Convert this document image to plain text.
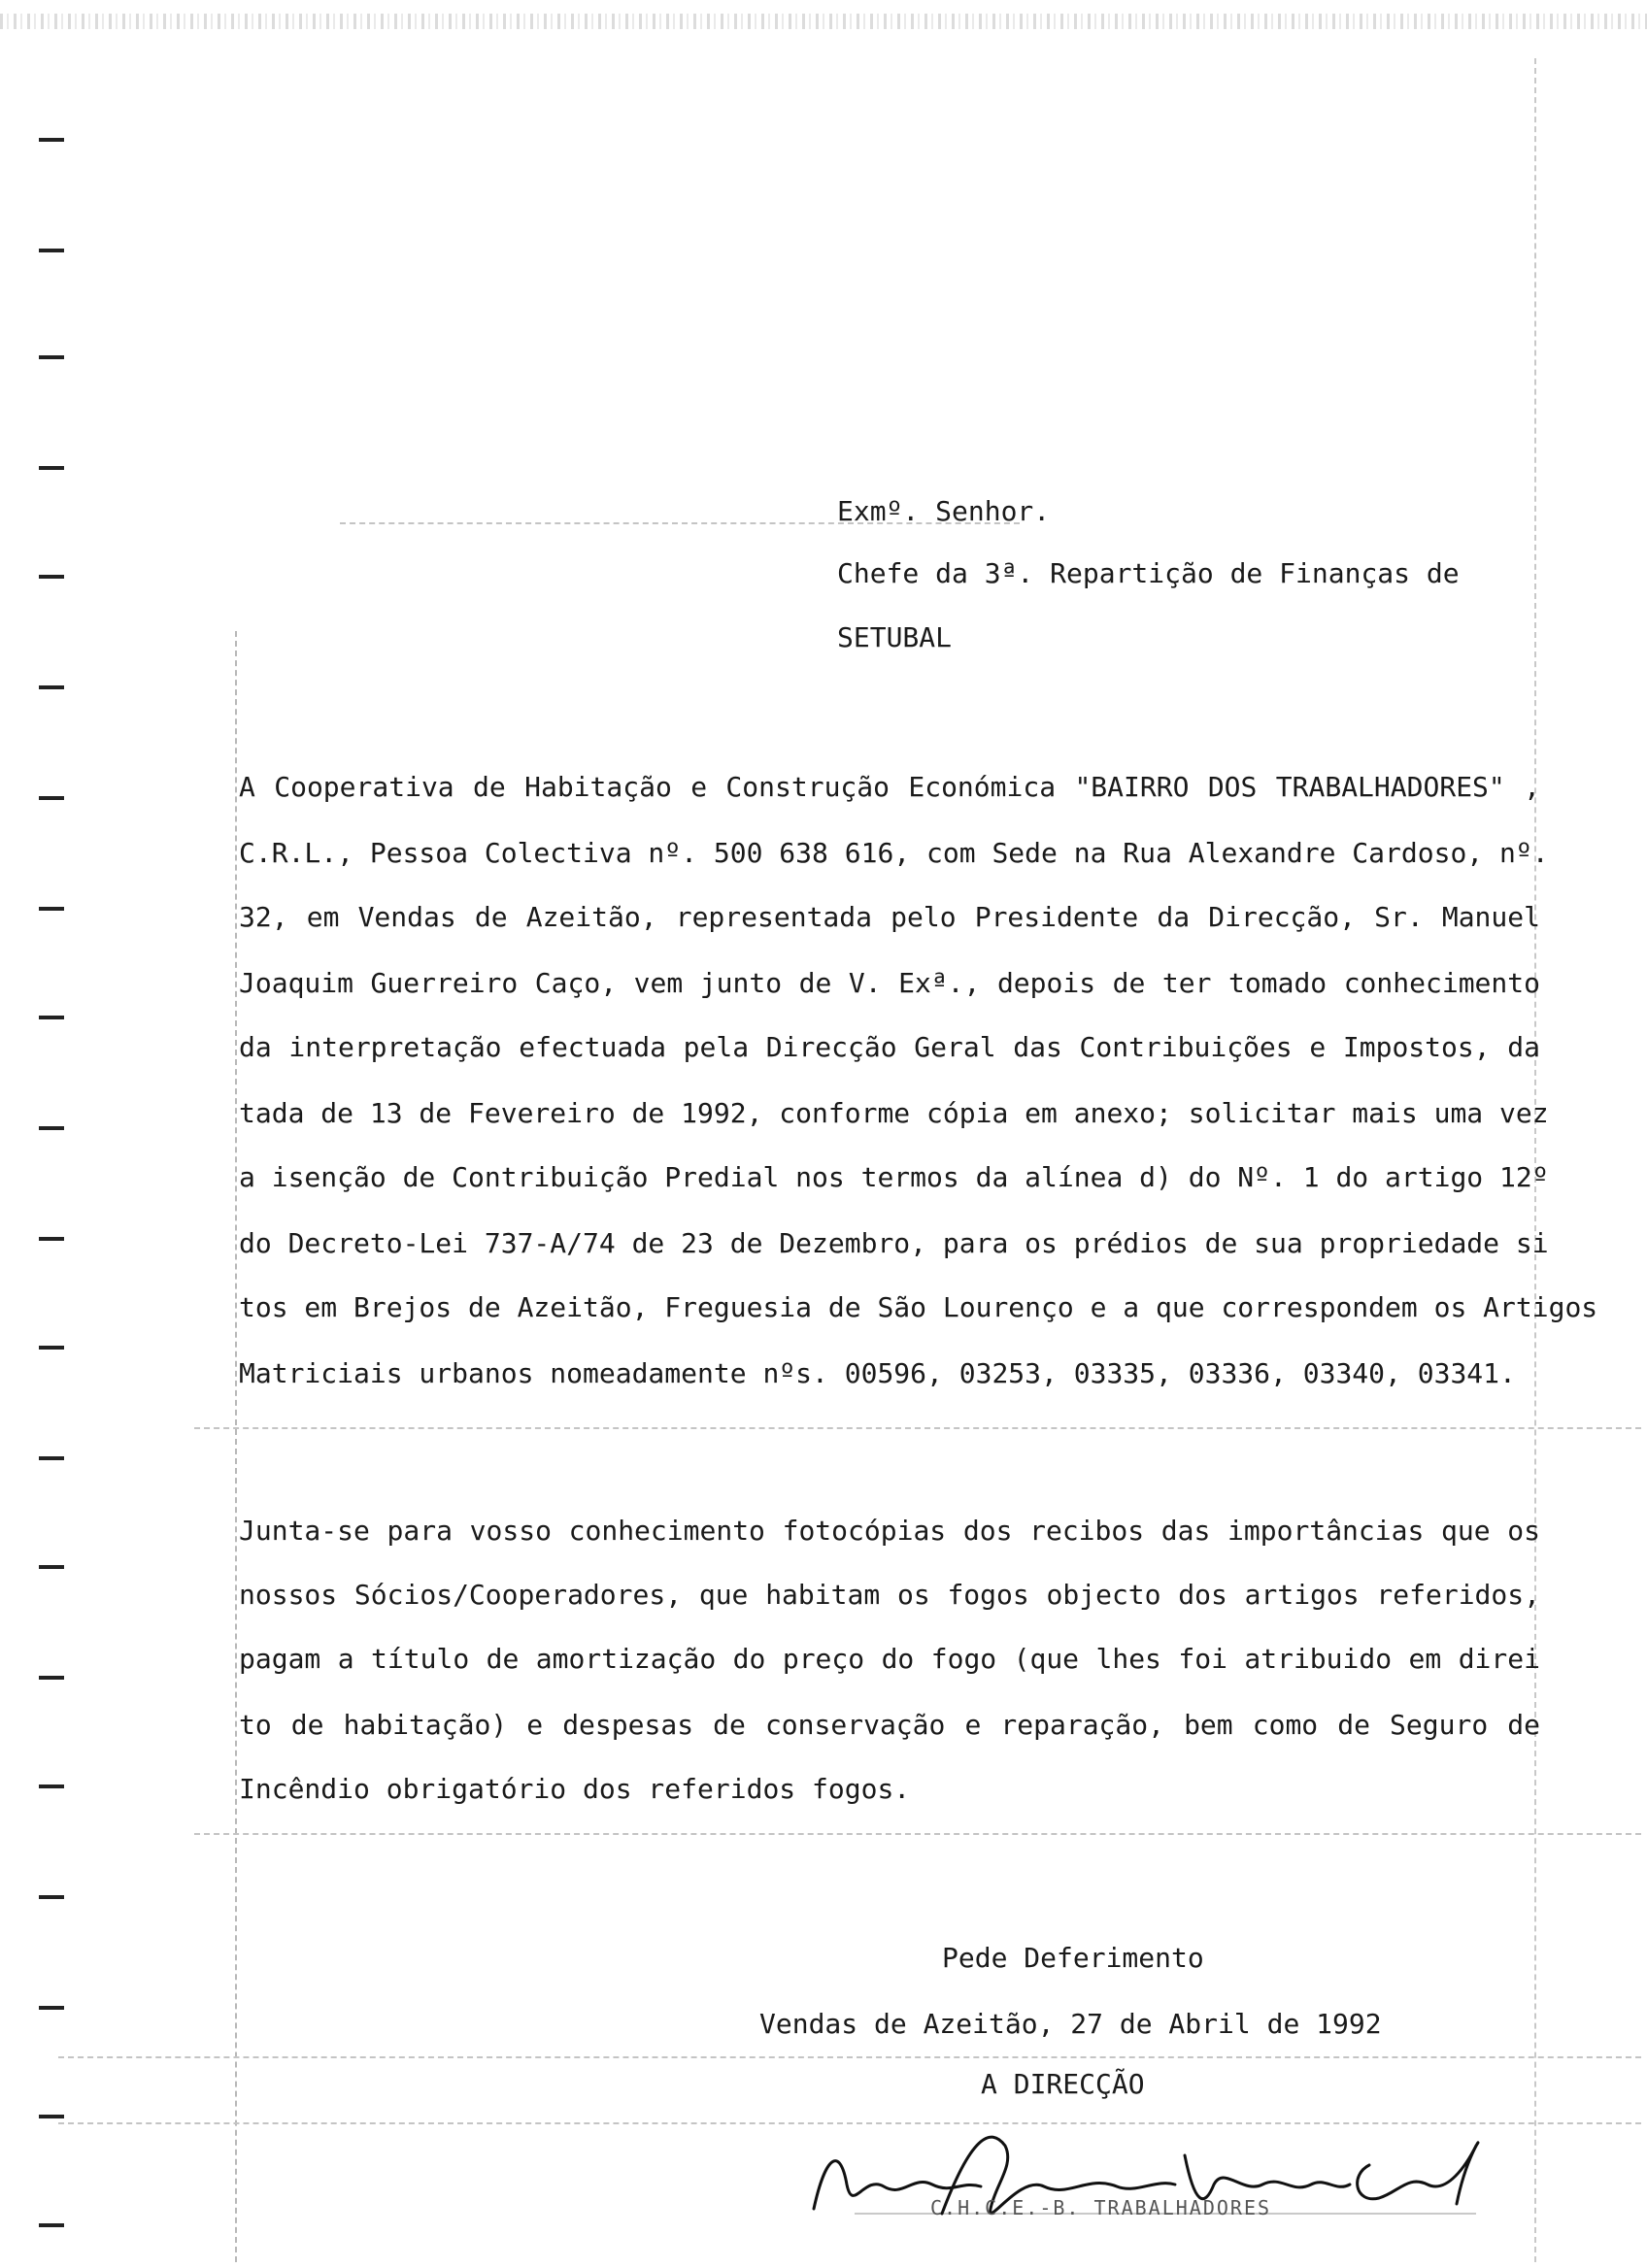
Exmº. Senhor.
Chefe da 3ª. Repartição de Finanças de
SETUBAL
A Cooperativa de Habitação e Construção Económica "BAIRRO DOS TRABALHADORES" ,
C.R.L., Pessoa Colectiva nº. 500 638 616, com Sede na Rua Alexandre Cardoso, nº.
32, em Vendas de Azeitão, representada pelo Presidente da Direcção, Sr. Manuel
Joaquim Guerreiro Caço, vem junto de V. Exª., depois de ter tomado conhecimento
da interpretação efectuada pela Direcção Geral das Contribuições e Impostos, da
tada de 13 de Fevereiro de 1992, conforme cópia em anexo; solicitar mais uma vez
a isenção de Contribuição Predial nos termos da alínea d) do Nº. 1 do artigo 12º
do Decreto-Lei 737-A/74 de 23 de Dezembro, para os prédios de sua propriedade si
tos em Brejos de Azeitão, Freguesia de São Lourenço e a que correspondem os Artigos
Matriciais urbanos nomeadamente nºs. 00596, 03253, 03335, 03336, 03340, 03341.
Junta-se para vosso conhecimento fotocópias dos recibos das importâncias que os
nossos Sócios/Cooperadores, que habitam os fogos objecto dos artigos referidos,
pagam a título de amortização do preço do fogo (que lhes foi atribuido em direi
to de habitação) e despesas de conservação e reparação, bem como de Seguro de
Incêndio obrigatório dos referidos fogos.
Pede Deferimento
Vendas de Azeitão, 27 de Abril de 1992
A DIRECÇÃO
C.H.C.E.-B. TRABALHADORES
